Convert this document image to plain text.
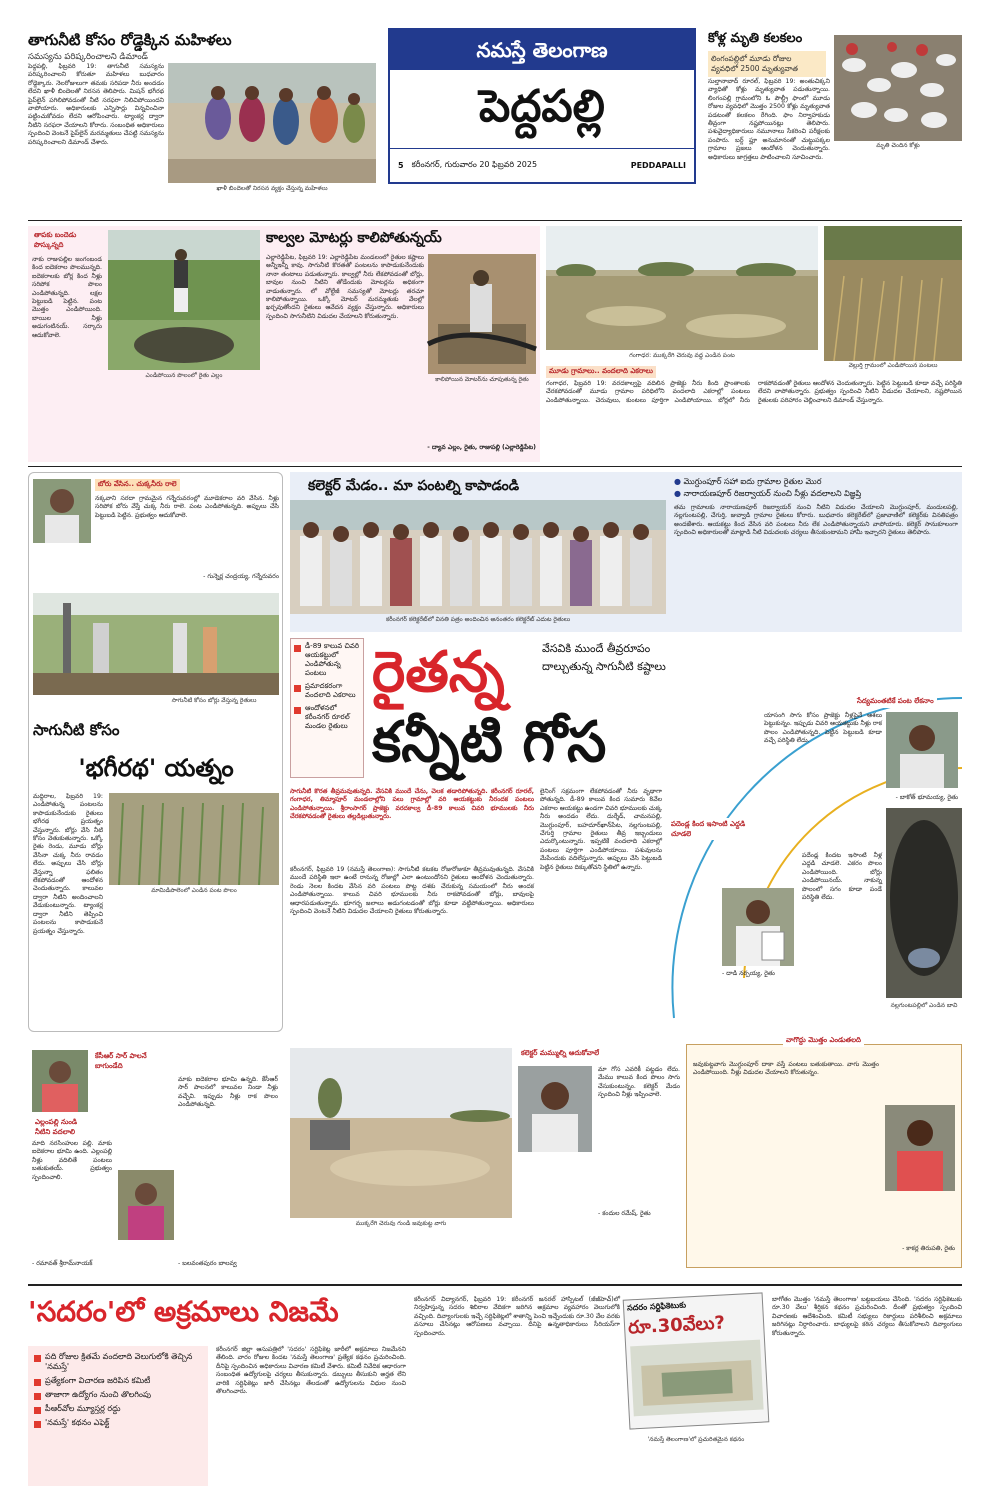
తాగునీటి కోసం రోడ్డెక్కిన మహిళలు
సమస్యను పరిష్కరించాలని డిమాండ్
ఖాళీ బిందెలతో నిరసన వ్యక్తం చేస్తున్న మహిళలు
పెద్దపల్లి, ఫిబ్రవరి 19: తాగునీటి సమస్యను పరిష్కరించాలని కోరుతూ మహిళలు బుధవారం రోడ్డెక్కారు. నెలరోజులుగా తమకు సరిపడా నీరు అందడం లేదని ఖాళీ బిందెలతో నిరసన తెలిపారు. మిషన్ భగీరథ పైప్‌లైన్ పగిలిపోవడంతో నీటి సరఫరా నిలిచిపోయిందని వాపోయారు. అధికారులకు ఎన్నిసార్లు విన్నవించినా పట్టించుకోవడం లేదని ఆరోపించారు. ట్యాంకర్ల ద్వారా నీటిని సరఫరా చేయాలని కోరారు. సంబంధిత అధికారులు స్పందించి వెంటనే పైప్‌లైన్ మరమ్మతులు చేపట్టి సమస్యను పరిష్కరించాలని డిమాండ్ చేశారు.
నమస్తే తెలంగాణ
పెద్దపల్లి
5	కరీంనగర్, గురువారం 20 ఫిబ్రవరి 2025	PEDDAPALLI
కోళ్ల మృతి కలకలం
లింగంపల్లిలో మూడు రోజుల
వ్యవధిలో 2500 మృత్యువాత
మృతి చెందిన కోళ్లు
సుల్తానాబాద్ రూరల్, ఫిబ్రవరి 19: అంతుచిక్కని వ్యాధితో కోళ్లు మృత్యువాత పడుతున్నాయి. లింగంపల్లి గ్రామంలోని ఓ పౌల్ట్రీ ఫాంలో మూడు రోజుల వ్యవధిలో మొత్తం 2500 కోళ్లు మృత్యువాత పడటంతో కలకలం రేగింది. ఫాం నిర్వాహకుడు తీవ్రంగా నష్టపోయినట్లు తెలిపారు. పశువైద్యాధికారులు నమూనాలు సేకరించి పరీక్షలకు పంపారు. బర్డ్ ఫ్లూ అనుమానంతో చుట్టుపక్కల గ్రామాల ప్రజలు ఆందోళన చెందుతున్నారు. అధికారులు జాగ్రత్తలు పాటించాలని సూచించారు.
తాపకు బందెడు పొస్కున్నది
నాకు రాజుపల్లిల జంగంబండ కింద ఐదెకరాల పొలమున్నది. ఐదెకరాలకు బోర్ల కింద నీళ్లు సరిపోక పొలం ఎండిపోతున్నది. లక్షల పెట్టుబడి పెట్టిన. పంట మొత్తం ఎండిపోయింది. బాయిల నీళ్లు అడుగంటినయ్. సర్కారు ఆదుకోవాలె.
ఎండిపోయిన పొలంలో రైతు ఎల్లం
కాల్వల మోటర్లు కాలిపోతున్నయ్
కాలిపోయిన మోటర్‌ను చూపుతున్న రైతు
ఎల్లారెడ్డిపేట, ఫిబ్రవరి 19: ఎల్లారెడ్డిపేట మండలంలో రైతుల కష్టాలు అన్నీఇన్నీ కావు. సాగునీటి కొరతతో పంటలను కాపాడుకునేందుకు నానా తంటాలు పడుతున్నారు. కాల్వల్లో నీరు లేకపోవడంతో బోర్లు, బావుల నుంచి నీటిని తోడేందుకు మోటర్లను అధికంగా వాడుతున్నారు. లో వోల్టేజీ సమస్యతో మోటర్లు తరచూ కాలిపోతున్నాయి. ఒక్కో మోటర్ మరమ్మతుకు వేలల్లో ఖర్చవుతోందని రైతులు ఆవేదన వ్యక్తం చేస్తున్నారు. అధికారులు స్పందించి సాగునీటిని విడుదల చేయాలని కోరుతున్నారు.
- ద్యావ ఎల్లం, రైతు, రాజుపల్లి (ఎల్లారెడ్డిపేట)
గంగాధర: ముక్కరేగి చెరువు వద్ద ఎండిన పంట
వెల్లుర్తి గ్రామంలో ఎండిపోయిన పంటలు
మూడు గ్రామాలు.. వందలాది ఎకరాలు
గంగాధర, ఫిబ్రవరి 19: వరదకాల్వపై వదిలిన ప్రాజెక్టు నీరు కింది ప్రాంతాలకు చేరకపోవడంతో మూడు గ్రామాల పరిధిలోని వందలాది ఎకరాల్లో పంటలు ఎండిపోతున్నాయి. చెరువులు, కుంటలు పూర్తిగా ఎండిపోయాయి. బోర్లలో నీరు రాకపోవడంతో రైతులు ఆందోళన చెందుతున్నారు. పెట్టిన పెట్టుబడి కూడా వచ్చే పరిస్థితి లేదని వాపోతున్నారు. ప్రభుత్వం స్పందించి నీటిని విడుదల చేయాలని, నష్టపోయిన రైతులకు పరిహారం చెల్లించాలని డిమాండ్ చేస్తున్నారు.
బోరు వేసిన.. చుక్కనీరు రాలె
నక్కవాని సరదా గ్రామమైన గన్నేరువరంల్లో మూడెకరాల వరి వేసిన. నీళ్లు సరిపోక బోరు వేస్తే చుక్క నీరు రాలె. పంట ఎండిపోతున్నది. అప్పులు చేసి పెట్టుబడి పెట్టిన. ప్రభుత్వం ఆదుకోవాలె.
- గున్నెర్ల చంద్రయ్య, గన్నేరువరం
సాగునీటి కోసం బోర్లు వేస్తున్న రైతులు
సాగునీటి కోసం
'భగీరథ' యత్నం
మద్దిరాల, ఫిబ్రవరి 19: ఎండిపోతున్న పంటలను కాపాడుకునేందుకు రైతులు భగీరథ ప్రయత్నం చేస్తున్నారు. బోర్లు వేసి నీటి కోసం వెతుకుతున్నారు. ఒక్కో రైతు రెండు, మూడు బోర్లు వేసినా చుక్క నీరు రావడం లేదు. అప్పులు చేసి బోర్లు వేస్తున్నా ఫలితం లేకపోవడంతో ఆందోళన చెందుతున్నారు. కాలువల ద్వారా నీటిని అందించాలని వేడుకుంటున్నారు. ట్యాంకర్ల ద్వారా నీటిని తెప్పించి పంటలను కాపాడుకునే ప్రయత్నం చేస్తున్నారు.
మామిడిపాలెంలో ఎండిన పంట పొలం
కేసీఆర్ సార్ పాలనే బాగుండేది
ఎల్లంపల్లి నుండి నీటిని వదలాలి
మాది నరసింహుల పల్లి. మాకు ఐదెకరాల భూమి ఉంది. ఎల్లంపల్లి నీళ్లు వదిలితే పంటలు బతుకుతయ్. ప్రభుత్వం స్పందించాలి.
మాకు ఐదెకరాల భూమి ఉన్నది. కేసీఆర్ సార్ పాలనలో కాలువల నిండా నీళ్లు వచ్చేవి. ఇప్పుడు నీళ్లు రాక పొలం ఎండిపోతున్నది.
- రమావత్ శ్రీరామ్‌నాయక్	- బలవంతపురం బాలవ్వ
కలెక్టర్ మేడం.. మా పంటల్ని కాపాడండి
కరీంనగర్ కలెక్టరేట్‌లో వినతి పత్రం అందించిన అనంతరం కలెక్టరేట్‌ ఎదుట రైతులు
● మొగ్దుంపూర్‌ సహా ఐదు గ్రామాల రైతుల మొర
● నారాయణపూర్‌ రిజర్వాయర్‌ నుంచి నీళ్లు వదలాలని విజ్ఞప్తి
తమ గ్రామాలకు నారాయణపూర్ రిజర్వాయర్ నుంచి నీటిని విడుదల చేయాలని మొగ్దుంపూర్, మందులపల్లి, నల్లగుంటపల్లి, చేగుర్తి, జువ్వాడి గ్రామాల రైతులు కోరారు. బుధవారం కలెక్టరేట్‌లో ప్రజావాణిలో కలెక్టర్‌కు వినతిపత్రం అందజేశారు. ఆయకట్టు కింద వేసిన వరి పంటలు నీరు లేక ఎండిపోతున్నాయని వాపోయారు. కలెక్టర్ సానుకూలంగా స్పందించి అధికారులతో మాట్లాడి నీటి విడుదలకు చర్యలు తీసుకుంటామని హామీ ఇచ్చారని రైతులు తెలిపారు.
డీ-89 కాలువ చివరి ఆయకట్టులో ఎండిపోతున్న పంటలు
ప్రమాదకరంగా వందలాది ఎకరాలు
ఆందోళనలో కరీంనగర్ రూరల్ మండల రైతులు
రైతన్న
కన్నీటి గోస
వేసవికి ముందే తీవ్రరూపం
దాల్చుతున్న సాగునీటి కష్టాలు
సాగునీటి కొరత తీవ్రమవుతున్నది. వేసవికి ముందే చేను, చెలక తడారిపోతున్నది. కరీంనగర్ రూరల్, గంగాధర, తిమ్మాపూర్ మండలాల్లోని పలు గ్రామాల్లో వరి ఆయకట్టుకు నీరందక పంటలు ఎండిపోతున్నాయి. శ్రీరాంసాగర్ ప్రాజెక్టు వరదకాల్వ డీ-89 కాలువ చివరి భూములకు నీరు చేరకపోవడంతో రైతులు తల్లడిల్లుతున్నారు.
కరీంనగర్, ఫిబ్రవరి 19 (నమస్తే తెలంగాణ): సాగునీటి కటకట రోజురోజుకూ తీవ్రమవుతున్నది. వేసవికి ముందే పరిస్థితి ఇలా ఉంటే రానున్న రోజుల్లో ఎలా ఉంటుందోనని రైతులు ఆందోళన చెందుతున్నారు. రెండు నెలల కిందట వేసిన వరి పంటలు పొట్ట దశకు చేరుకున్న సమయంలో నీరు అందక ఎండిపోతున్నాయి. కాలువ చివరి భూములకు నీరు రాకపోవడంతో బోర్లు, బావులపై ఆధారపడుతున్నారు. భూగర్భ జలాలు అడుగంటడంతో బోర్లు కూడా వట్టిపోతున్నాయి. అధికారులు స్పందించి వెంటనే నీటిని విడుదల చేయాలని రైతులు కోరుతున్నారు.
లైనింగ్ సక్రమంగా లేకపోవడంతో నీరు వృథాగా పోతున్నది. డీ-89 కాలువ కింద సుమారు 8వేల ఎకరాల ఆయకట్టు ఉండగా చివరి భూములకు చుక్క నీరు అందడం లేదు. దుర్శేడ్, చామనపల్లి, మొగ్దుంపూర్, బహదూర్‌ఖాన్‌పేట, నల్లగుంటపల్లి, చేగుర్తి గ్రామాల రైతులు తీవ్ర ఇబ్బందులు ఎదుర్కొంటున్నారు. ఇప్పటికే వందలాది ఎకరాల్లో పంటలు పూర్తిగా ఎండిపోయాయి. పశువులను మేపేందుకు వదిలేస్తున్నారు. అప్పులు చేసి పెట్టుబడి పెట్టిన రైతులు దిక్కుతోచని స్థితిలో ఉన్నారు.
సేద్యమంతటికే పంట లేకనాం
యాసంగి సాగు కోసం ప్రాజెక్టు నీళ్లపైనే ఆశలు పెట్టుకున్నం. ఇప్పుడు చివరి ఆయకట్టుకు నీళ్లు రాక పొలం ఎండిపోతున్నది. పెట్టిన పెట్టుబడి కూడా వచ్చే పరిస్థితి లేదు.
- బాకోత్ భూమయ్య, రైతు
పదెండ్ల కింద ఇసాంటి ఎద్దడి చూడలె
పదేండ్ల కిందట ఇసాంటి నీళ్ల ఎద్దడి చూడలె. ఎకరం పొలం ఎండిపోయింది. బోర్లు ఎండిపోయినయ్. నాకున్న పొలంలో సగం కూడా పండే పరిస్థితి లేదు.
- దాడి నర్సయ్య, రైతు
నల్లగుంటపల్లిలో ఎండిన బావి
ముక్కరేగి చెరువు గుండి జవుకుట్ట వాగు
కలెక్టర్ మమ్ముల్ని ఆదుకోవాలే
మా గోస ఎవరికీ పట్టడం లేదు. మేము కాలువ కింద పొలం సాగు చేసుకుంటున్నం. కలెక్టర్ మేడం స్పందించి నీళ్లు ఇప్పించాలె.
- కందుల రమేష్, రైతు
వాగొద్దు మొత్తం ఎండుతలది
జవుకుట్టవాగు మొగ్దుంపూర్ దాకా వస్తే పంటలు బతుకుతాయి. వాగు మొత్తం ఎండిపోయింది. నీళ్లు విడుదల చేయాలని కోరుతున్నం.
- కాకర్ల తిరుపతి, రైతు
'సదరం'లో అక్రమాలు నిజమే
పది రోజుల క్రితమే వందలాది వెలుగులోకి తెచ్చిన 'నమస్తే'
ప్రత్యేకంగా విచారణ జరిపిన కమిటీ
తాజాగా ఉద్యోగం నుంచి తొలగింపు
పీఆర్‌వోల మ్యూస్తర్ల రద్దు
'నమస్తే' కథనం ఎఫెక్ట్
కరీంనగర్ జిల్లా ఆసుపత్రిలో 'సదరం' సర్టిఫికెట్ల జారీలో అక్రమాలు నిజమేనని తేలింది. వారం రోజుల కిందట 'నమస్తే తెలంగాణ' ప్రత్యేక కథనం ప్రచురించింది. దీనిపై స్పందించిన అధికారులు విచారణ కమిటీ వేశారు. కమిటీ నివేదిక ఆధారంగా సంబంధిత ఉద్యోగులపై చర్యలు తీసుకున్నారు. డబ్బులు తీసుకుని అర్హత లేని వారికి సర్టిఫికెట్లు జారీ చేసినట్లు తేలడంతో ఉద్యోగులను విధుల నుంచి తొలగించారు.
కరీంనగర్ విద్యానగర్, ఫిబ్రవరి 19: కరీంనగర్ జనరల్ హాస్పిటల్ (జీజీహెచ్)లో నిర్వహిస్తున్న సదరం శిబిరాల వేదికగా జరిగిన అక్రమాల వ్యవహారం వెలుగులోకి వచ్చింది. దివ్యాంగులకు ఇచ్చే సర్టిఫికెట్లలో శాతాన్ని పెంచి ఇచ్చేందుకు రూ.30 వేల వరకు వసూలు చేసినట్లు ఆరోపణలు వచ్చాయి. దీనిపై ఉన్నతాధికారులు సీరియస్‌గా స్పందించారు.
సదరం సర్టిఫికెటుకు
రూ.30వేలు?
'నమస్తే తెలంగాణ'లో ప్రచురితమైన కథనం
బాగోతం మొత్తం 'నమస్తే తెలంగాణ' బట్టబయలు చేసింది. 'సదరం సర్టిఫికెటుకు రూ.30 వేలు' శీర్షికన కథనం ప్రచురించింది. దీంతో ప్రభుత్వం స్పందించి విచారణకు ఆదేశించింది. కమిటీ సభ్యులు రికార్డులు పరిశీలించి అక్రమాలు జరిగినట్లు నిర్ధారించారు. బాధ్యులపై కఠిన చర్యలు తీసుకోవాలని దివ్యాంగులు కోరుతున్నారు.
